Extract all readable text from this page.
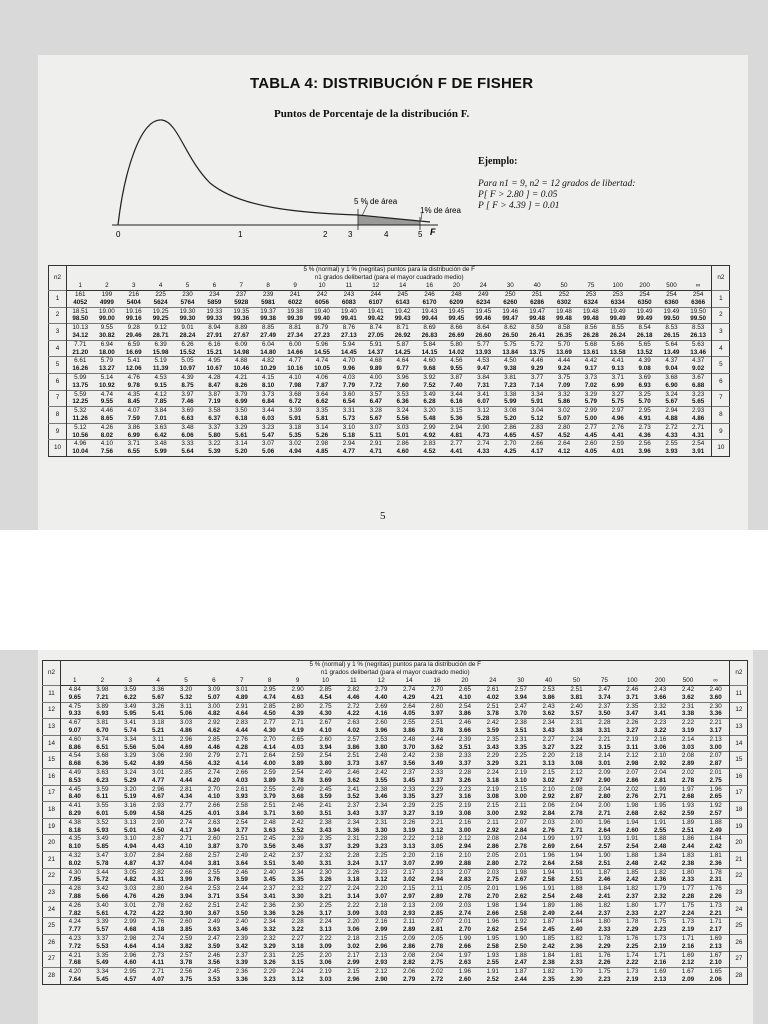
TABLA 4: DISTRIBUCIÓN F DE FISHER
Puntos de Porcentaje de la distribución F.
5 % de área
1% de área
0	1	2	3	4	5 F
Ejemplo:
Para n1 = 9, n2 = 12 grados de libertad:
P[ F > 2.80 ] = 0.05
P [ F > 4.39 ] = 0.01
n2	5 % (normal) y 1 % (negritas) puntos para la distribución de F																								n2
	n1 grados delibertad (para el mayor cuadrado medio)																								
	1	2	3	4	5	6	7	8	9	10	11	12	14	16	20	24	30	40	50	75	100	200	500	∞	
1	161	199	216	225	230	234	237	239	241	242	243	244	245	246	248	249	250	251	252	253	253	254	254	254	1
	4052	4999	5404	5624	5764	5859	5928	5981	6022	6056	6083	6107	6143	6170	6209	6234	6260	6286	6302	6324	6334	6350	6360	6366	
2	18.51	19.00	19.16	19.25	19.30	19.33	19.35	19.37	19.38	19.40	19.40	19.41	19.42	19.43	19.45	19.45	19.46	19.47	19.48	19.48	19.49	19.49	19.49	19.50	2
	98.50	99.00	99.16	99.25	99.30	99.33	99.36	99.38	99.39	99.40	99.41	99.42	99.43	99.44	99.45	99.46	99.47	99.48	99.48	99.48	99.49	99.49	99.50	99.50	
3	10.13	9.55	9.28	9.12	9.01	8.94	8.89	8.85	8.81	8.79	8.76	8.74	8.71	8.69	8.66	8.64	8.62	8.59	8.58	8.56	8.55	8.54	8.53	8.53	3
	34.12	30.82	29.46	28.71	28.24	27.91	27.67	27.49	27.34	27.23	27.13	27.05	26.92	26.83	26.69	26.60	26.50	26.41	26.35	26.28	26.24	26.18	26.15	26.13	
4	7.71	6.94	6.59	6.39	6.26	6.16	6.09	6.04	6.00	5.96	5.94	5.91	5.87	5.84	5.80	5.77	5.75	5.72	5.70	5.68	5.66	5.65	5.64	5.63	4
	21.20	18.00	16.69	15.98	15.52	15.21	14.98	14.80	14.66	14.55	14.45	14.37	14.25	14.15	14.02	13.93	13.84	13.75	13.69	13.61	13.58	13.52	13.49	13.46	
5	6.61	5.79	5.41	5.19	5.05	4.95	4.88	4.82	4.77	4.74	4.70	4.68	4.64	4.60	4.56	4.53	4.50	4.46	4.44	4.42	4.41	4.39	4.37	4.37	5
	16.26	13.27	12.06	11.39	10.97	10.67	10.46	10.29	10.16	10.05	9.96	9.89	9.77	9.68	9.55	9.47	9.38	9.29	9.24	9.17	9.13	9.08	9.04	9.02	
6	5.99	5.14	4.76	4.53	4.39	4.28	4.21	4.15	4.10	4.06	4.03	4.00	3.96	3.92	3.87	3.84	3.81	3.77	3.75	3.73	3.71	3.69	3.68	3.67	6
	13.75	10.92	9.78	9.15	8.75	8.47	8.26	8.10	7.98	7.87	7.79	7.72	7.60	7.52	7.40	7.31	7.23	7.14	7.09	7.02	6.99	6.93	6.90	6.88	
7	5.59	4.74	4.35	4.12	3.97	3.87	3.79	3.73	3.68	3.64	3.60	3.57	3.53	3.49	3.44	3.41	3.38	3.34	3.32	3.29	3.27	3.25	3.24	3.23	7
	12.25	9.55	8.45	7.85	7.46	7.19	6.99	6.84	6.72	6.62	6.54	6.47	6.36	6.28	6.16	6.07	5.99	5.91	5.86	5.79	5.75	5.70	5.67	5.65	
8	5.32	4.46	4.07	3.84	3.69	3.58	3.50	3.44	3.39	3.35	3.31	3.28	3.24	3.20	3.15	3.12	3.08	3.04	3.02	2.99	2.97	2.95	2.94	2.93	8
	11.26	8.65	7.59	7.01	6.63	6.37	6.18	6.03	5.91	5.81	5.73	5.67	5.56	5.48	5.36	5.28	5.20	5.12	5.07	5.00	4.96	4.91	4.88	4.86	
9	5.12	4.26	3.86	3.63	3.48	3.37	3.29	3.23	3.18	3.14	3.10	3.07	3.03	2.99	2.94	2.90	2.86	2.83	2.80	2.77	2.76	2.73	2.72	2.71	9
	10.56	8.02	6.99	6.42	6.06	5.80	5.61	5.47	5.35	5.26	5.18	5.11	5.01	4.92	4.81	4.73	4.65	4.57	4.52	4.45	4.41	4.36	4.33	4.31	
10	4.96	4.10	3.71	3.48	3.33	3.22	3.14	3.07	3.02	2.98	2.94	2.91	2.86	2.83	2.77	2.74	2.70	2.66	2.64	2.60	2.59	2.56	2.55	2.54	10
	10.04	7.56	6.55	5.99	5.64	5.39	5.20	5.06	4.94	4.85	4.77	4.71	4.60	4.52	4.41	4.33	4.25	4.17	4.12	4.05	4.01	3.96	3.93	3.91	
5
n2	5 % (normal) y 1 % (negritas) puntos para la distribución de F																								n2
	n1 grados delibertad (para el mayor cuadrado medio)																								
	1	2	3	4	5	6	7	8	9	10	11	12	14	16	20	24	30	40	50	75	100	200	500	∞	
11	4.84	3.98	3.59	3.36	3.20	3.09	3.01	2.95	2.90	2.85	2.82	2.79	2.74	2.70	2.65	2.61	2.57	2.53	2.51	2.47	2.46	2.43	2.42	2.40	11
	9.65	7.21	6.22	5.67	5.32	5.07	4.89	4.74	4.63	4.54	4.46	4.40	4.29	4.21	4.10	4.02	3.94	3.86	3.81	3.74	3.71	3.66	3.62	3.60	
12	4.75	3.89	3.49	3.26	3.11	3.00	2.91	2.85	2.80	2.75	2.72	2.69	2.64	2.60	2.54	2.51	2.47	2.43	2.40	2.37	2.35	2.32	2.31	2.30	12
	9.33	6.93	5.95	5.41	5.06	4.82	4.64	4.50	4.39	4.30	4.22	4.16	4.05	3.97	3.86	3.78	3.70	3.62	3.57	3.50	3.47	3.41	3.38	3.36	
13	4.67	3.81	3.41	3.18	3.03	2.92	2.83	2.77	2.71	2.67	2.63	2.60	2.55	2.51	2.46	2.42	2.38	2.34	2.31	2.28	2.26	2.23	2.22	2.21	13
	9.07	6.70	5.74	5.21	4.86	4.62	4.44	4.30	4.19	4.10	4.02	3.96	3.86	3.78	3.66	3.59	3.51	3.43	3.38	3.31	3.27	3.22	3.19	3.17	
14	4.60	3.74	3.34	3.11	2.96	2.85	2.76	2.70	2.65	2.60	2.57	2.53	2.48	2.44	2.39	2.35	2.31	2.27	2.24	2.21	2.19	2.16	2.14	2.13	14
	8.86	6.51	5.56	5.04	4.69	4.46	4.28	4.14	4.03	3.94	3.86	3.80	3.70	3.62	3.51	3.43	3.35	3.27	3.22	3.15	3.11	3.06	3.03	3.00	
15	4.54	3.68	3.29	3.06	2.90	2.79	2.71	2.64	2.59	2.54	2.51	2.48	2.42	2.38	2.33	2.29	2.25	2.20	2.18	2.14	2.12	2.10	2.08	2.07	15
	8.68	6.36	5.42	4.89	4.56	4.32	4.14	4.00	3.89	3.80	3.73	3.67	3.56	3.49	3.37	3.29	3.21	3.13	3.08	3.01	2.98	2.92	2.89	2.87	
16	4.49	3.63	3.24	3.01	2.85	2.74	2.66	2.59	2.54	2.49	2.46	2.42	2.37	2.33	2.28	2.24	2.19	2.15	2.12	2.09	2.07	2.04	2.02	2.01	16
	8.53	6.23	5.29	4.77	4.44	4.20	4.03	3.89	3.78	3.69	3.62	3.55	3.45	3.37	3.26	3.18	3.10	3.02	2.97	2.90	2.86	2.81	2.78	2.75	
17	4.45	3.59	3.20	2.96	2.81	2.70	2.61	2.55	2.49	2.45	2.41	2.38	2.33	2.29	2.23	2.19	2.15	2.10	2.08	2.04	2.02	1.99	1.97	1.96	17
	8.40	6.11	5.19	4.67	4.34	4.10	3.93	3.79	3.68	3.59	3.52	3.46	3.35	3.27	3.16	3.08	3.00	2.92	2.87	2.80	2.76	2.71	2.68	2.65	
18	4.41	3.55	3.16	2.93	2.77	2.66	2.58	2.51	2.46	2.41	2.37	2.34	2.29	2.25	2.19	2.15	2.11	2.06	2.04	2.00	1.98	1.95	1.93	1.92	18
	8.29	6.01	5.09	4.58	4.25	4.01	3.84	3.71	3.60	3.51	3.43	3.37	3.27	3.19	3.08	3.00	2.92	2.84	2.78	2.71	2.68	2.62	2.59	2.57	
19	4.38	3.52	3.13	2.90	2.74	2.63	2.54	2.48	2.42	2.38	2.34	2.31	2.26	2.21	2.16	2.11	2.07	2.03	2.00	1.96	1.94	1.91	1.89	1.88	19
	8.18	5.93	5.01	4.50	4.17	3.94	3.77	3.63	3.52	3.43	3.36	3.30	3.19	3.12	3.00	2.92	2.84	2.76	2.71	2.64	2.60	2.55	2.51	2.49	
20	4.35	3.49	3.10	2.87	2.71	2.60	2.51	2.45	2.39	2.35	2.31	2.28	2.22	2.18	2.12	2.08	2.04	1.99	1.97	1.93	1.91	1.88	1.86	1.84	20
	8.10	5.85	4.94	4.43	4.10	3.87	3.70	3.56	3.46	3.37	3.29	3.23	3.13	3.05	2.94	2.86	2.78	2.69	2.64	2.57	2.54	2.48	2.44	2.42	
21	4.32	3.47	3.07	2.84	2.68	2.57	2.49	2.42	2.37	2.32	2.28	2.25	2.20	2.16	2.10	2.05	2.01	1.96	1.94	1.90	1.88	1.84	1.83	1.81	21
	8.02	5.78	4.87	4.37	4.04	3.81	3.64	3.51	3.40	3.31	3.24	3.17	3.07	2.99	2.88	2.80	2.72	2.64	2.58	2.51	2.48	2.42	2.38	2.36	
22	4.30	3.44	3.05	2.82	2.66	2.55	2.46	2.40	2.34	2.30	2.26	2.23	2.17	2.13	2.07	2.03	1.98	1.94	1.91	1.87	1.85	1.82	1.80	1.78	22
	7.95	5.72	4.82	4.31	3.99	3.76	3.59	3.45	3.35	3.26	3.18	3.12	3.02	2.94	2.83	2.75	2.67	2.58	2.53	2.46	2.42	2.36	2.33	2.31	
23	4.28	3.42	3.03	2.80	2.64	2.53	2.44	2.37	2.32	2.27	2.24	2.20	2.15	2.11	2.05	2.01	1.96	1.91	1.88	1.84	1.82	1.79	1.77	1.76	23
	7.88	5.66	4.76	4.26	3.94	3.71	3.54	3.41	3.30	3.21	3.14	3.07	2.97	2.89	2.78	2.70	2.62	2.54	2.48	2.41	2.37	2.32	2.28	2.26	
24	4.26	3.40	3.01	2.78	2.62	2.51	2.42	2.36	2.30	2.25	2.22	2.18	2.13	2.09	2.03	1.98	1.94	1.89	1.86	1.82	1.80	1.77	1.75	1.73	24
	7.82	5.61	4.72	4.22	3.90	3.67	3.50	3.36	3.26	3.17	3.09	3.03	2.93	2.85	2.74	2.66	2.58	2.49	2.44	2.37	2.33	2.27	2.24	2.21	
25	4.24	3.39	2.99	2.76	2.60	2.49	2.40	2.34	2.28	2.24	2.20	2.16	2.11	2.07	2.01	1.96	1.92	1.87	1.84	1.80	1.78	1.75	1.73	1.71	25
	7.77	5.57	4.68	4.18	3.85	3.63	3.46	3.32	3.22	3.13	3.06	2.99	2.89	2.81	2.70	2.62	2.54	2.45	2.40	2.33	2.29	2.23	2.19	2.17	
26	4.23	3.37	2.98	2.74	2.59	2.47	2.39	2.32	2.27	2.22	2.18	2.15	2.09	2.05	1.99	1.95	1.90	1.85	1.82	1.78	1.76	1.73	1.71	1.69	26
	7.72	5.53	4.64	4.14	3.82	3.59	3.42	3.29	3.18	3.09	3.02	2.96	2.86	2.78	2.66	2.58	2.50	2.42	2.36	2.29	2.25	2.19	2.16	2.13	
27	4.21	3.35	2.96	2.73	2.57	2.46	2.37	2.31	2.25	2.20	2.17	2.13	2.08	2.04	1.97	1.93	1.88	1.84	1.81	1.76	1.74	1.71	1.69	1.67	27
	7.68	5.49	4.60	4.11	3.78	3.56	3.39	3.26	3.15	3.06	2.99	2.93	2.82	2.75	2.63	2.55	2.47	2.38	2.33	2.26	2.22	2.16	2.12	2.10	
28	4.20	3.34	2.95	2.71	2.56	2.45	2.36	2.29	2.24	2.19	2.15	2.12	2.06	2.02	1.96	1.91	1.87	1.82	1.79	1.75	1.73	1.69	1.67	1.65	28
	7.64	5.45	4.57	4.07	3.75	3.53	3.36	3.23	3.12	3.03	2.96	2.90	2.79	2.72	2.60	2.52	2.44	2.35	2.30	2.23	2.19	2.13	2.09	2.06	
